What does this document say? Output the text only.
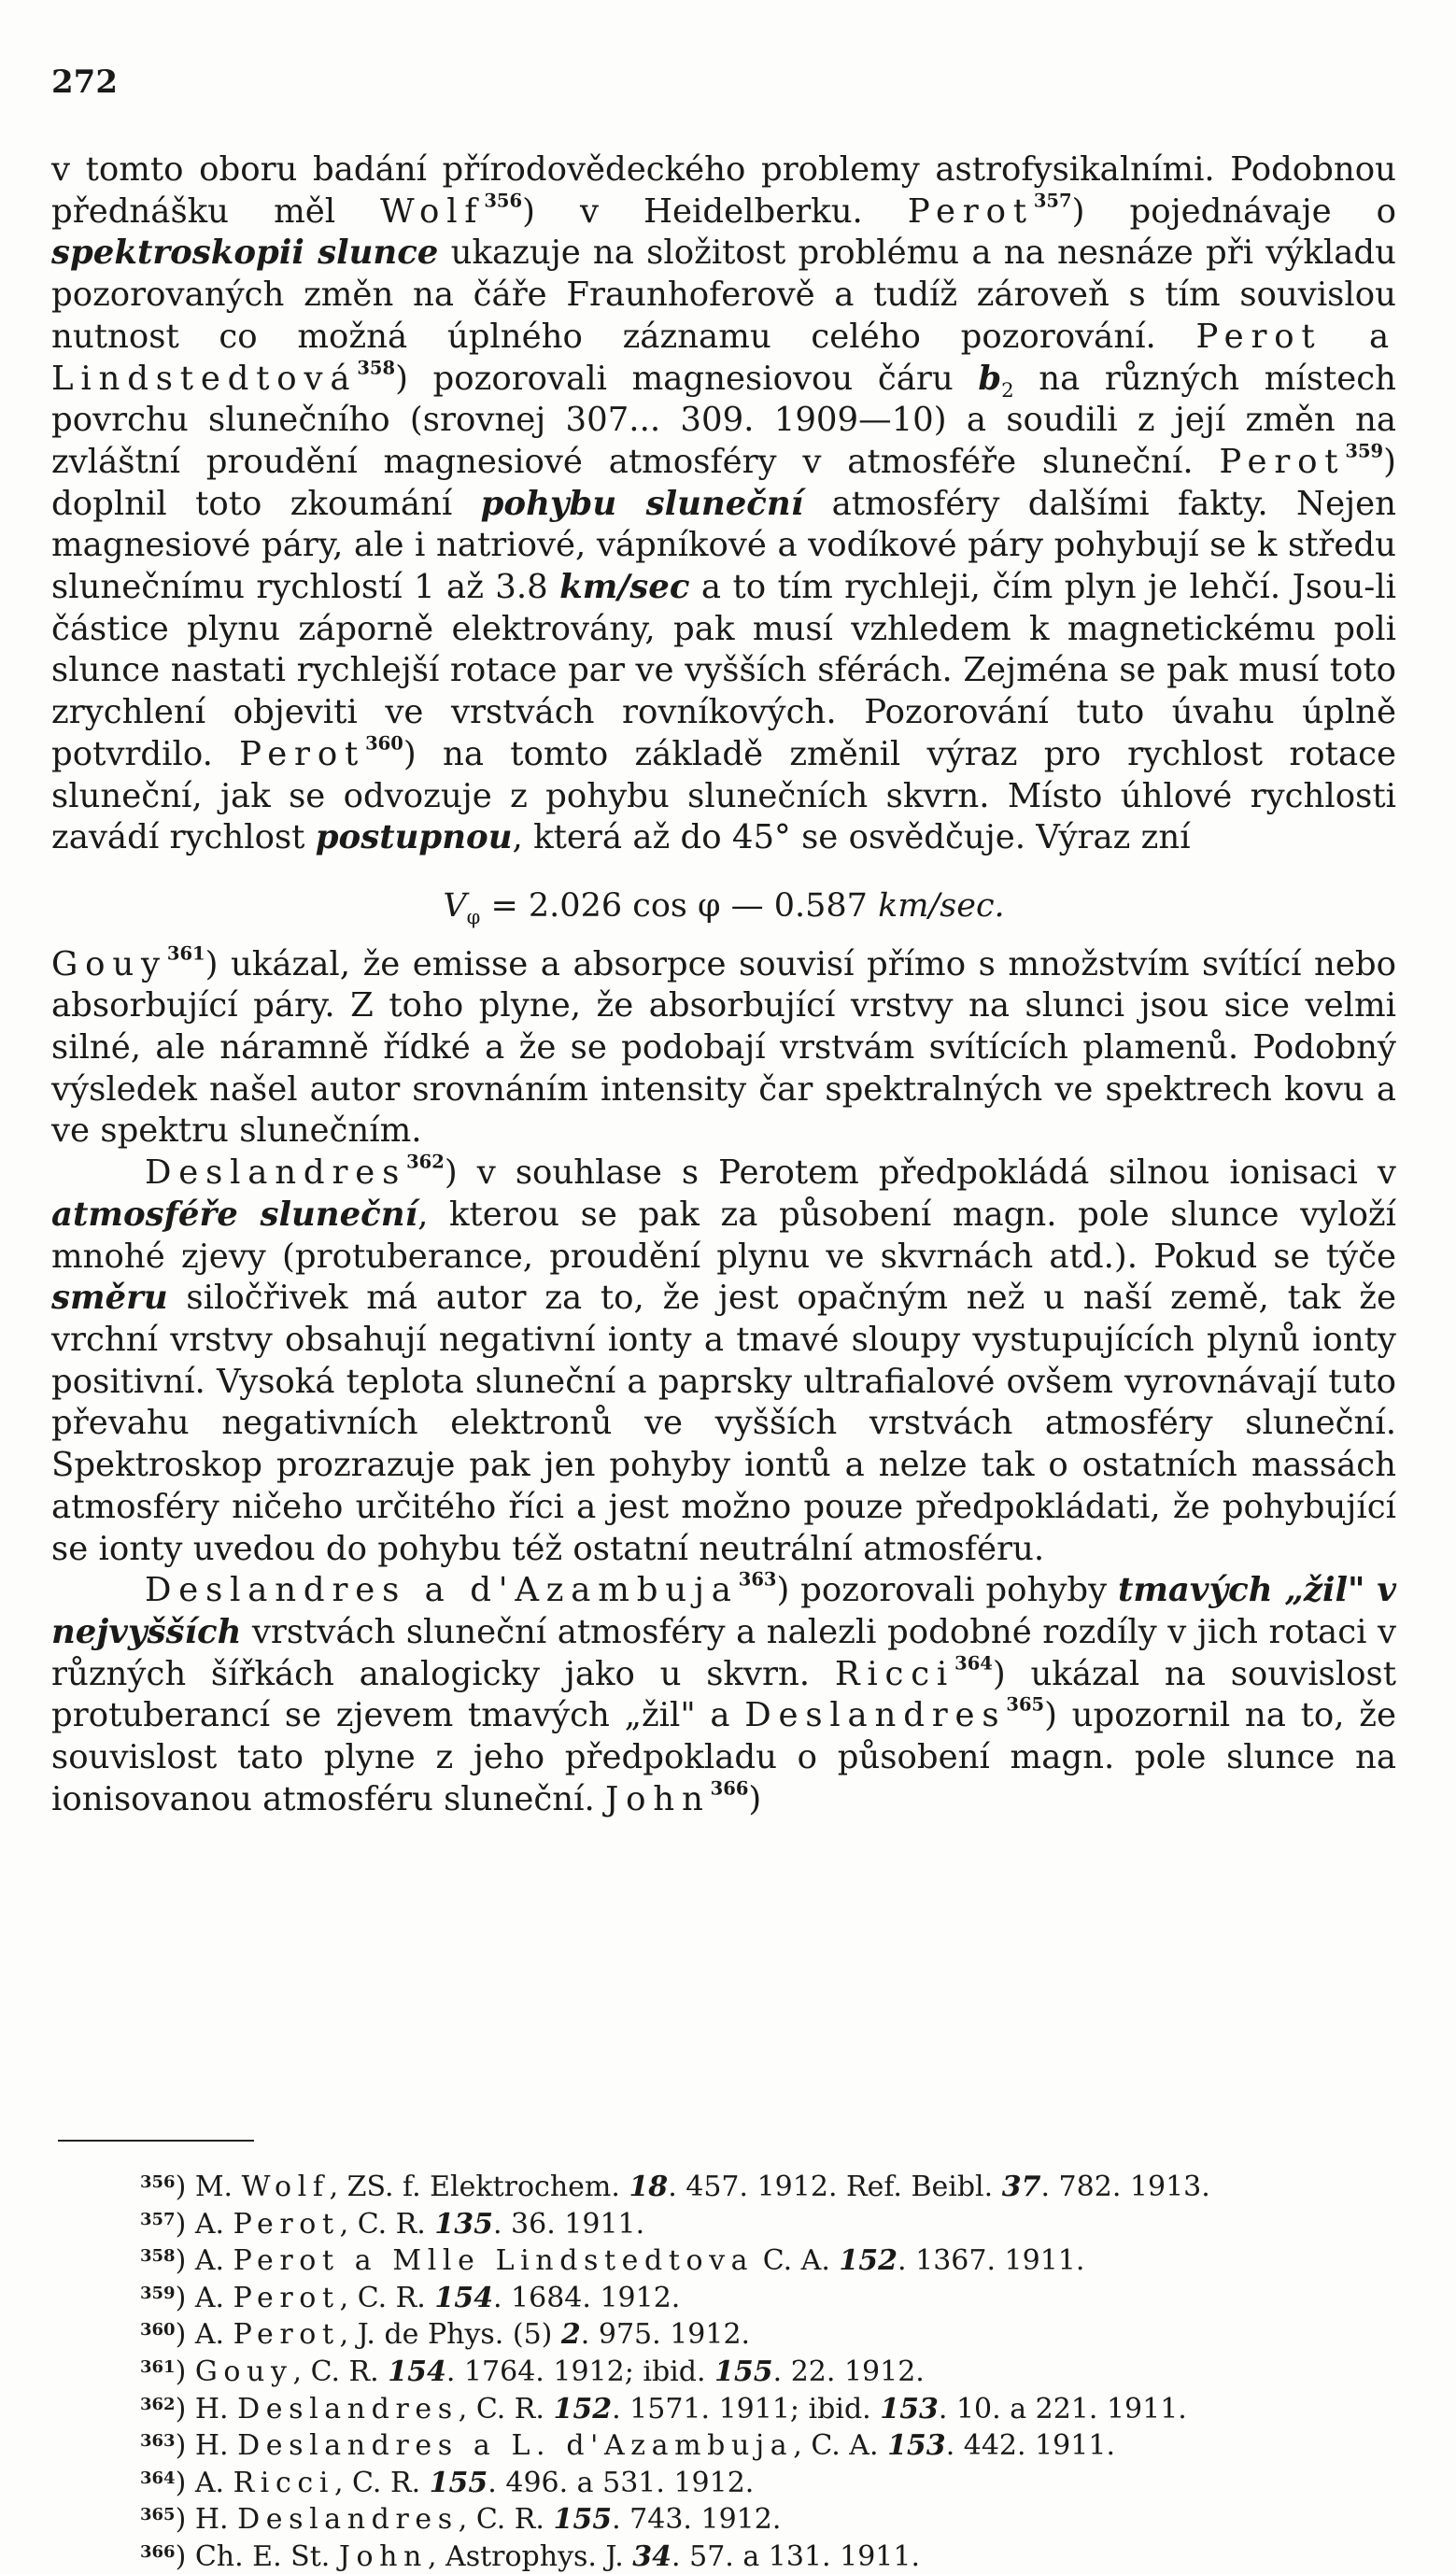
272

v tomto oboru badání přírodovědeckého problemy astrofysikalními. Podobnou přednášku měl Wolf$^{356}$) v Heidelberku. Perot$^{357}$) pojednávaje o spektroskopii slunce ukazuje na složitost problému a na nesnáze při výkladu pozorovaných změn na čáře Fraunhoferově a tudíž zároveň s tím souvislou nutnost co možná úplného záznamu celého pozorování. Perot a Lindstedtová$^{358}$) pozorovali magnesiovou čáru $b_2$ na různých místech povrchu slunečního (srovnej 307... 309. 1909—10) a soudili z její změn na zvláštní proudění magnesiové atmosféry v atmosféře sluneční. Perot$^{359}$) doplnil toto zkoumání pohybu sluneční atmosféry dalšími fakty. Nejen magnesiové páry, ale i natriové, vápníkové a vodíkové páry pohybují se k středu slunečnímu rychlostí 1 až 3.8 km/sec a to tím rychleji, čím plyn je lehčí. Jsou-li částice plynu záporně elektrovány, pak musí vzhledem k magnetickému poli slunce nastati rychlejší rotace par ve vyšších sférách. Zejména se pak musí toto zrychlení objeviti ve vrstvách rovníkových. Pozorování tuto úvahu úplně potvrdilo. Perot$^{360}$) na tomto základě změnil výraz pro rychlost rotace sluneční, jak se odvozuje z pohybu slunečních skvrn. Místo úhlové rychlosti zavádí rychlost postupnou, která až do 45° se osvědčuje. Výraz zní

$V_\varphi = 2.026$ cos φ — 0.587 km/sec.

Gouy$^{361}$) ukázal, že emisse a absorpce souvisí přímo s množstvím svítící nebo absorbující páry. Z toho plyne, že absorbující vrstvy na slunci jsou sice velmi silné, ale náramně řídké a že se podobají vrstvám svítících plamenů. Podobný výsledek našel autor srovnáním intensity čar spektralných ve spektrech kovu a ve spektru slunečním.

Deslandres$^{362}$) v souhlase s Perotem předpokládá silnou ionisaci v atmosféře sluneční, kterou se pak za působení magn. pole slunce vyloží mnohé zjevy (protuberance, proudění plynu ve skvrnách atd.). Pokud se týče směru siločřivek má autor za to, že jest opačným než u naší země, tak že vrchní vrstvy obsahují negativní ionty a tmavé sloupy vystupujících plynů ionty positivní. Vysoká teplota sluneční a paprsky ultrafialové ovšem vyrovnávají tuto převahu negativních elektronů ve vyšších vrstvách atmosféry sluneční. Spektroskop prozrazuje pak jen pohyby iontů a nelze tak o ostatních massách atmosféry ničeho určitého říci a jest možno pouze předpokládati, že pohybující se ionty uvedou do pohybu též ostatní neutrální atmosféru.

Deslandres a d'Azambuja$^{363}$) pozorovali pohyby tmavých „žil" v nejvyšších vrstvách sluneční atmosféry a nalezli podobné rozdíly v jich rotaci v různých šířkách analogicky jako u skvrn. Ricci$^{364}$) ukázal na souvislost protuberancí se zjevem tmavých „žil" a Deslandres$^{365}$) upozornil na to, že souvislost tato plyne z jeho předpokladu o působení magn. pole slunce na ionisovanou atmosféru sluneční. John$^{366}$)

$^{356}$) M. Wolf, ZS. f. Elektrochem. 18. 457. 1912. Ref. Beibl. 37. 782. 1913.
$^{357}$) A. Perot, C. R. 135. 36. 1911.
$^{358}$) A. Perot a Mlle Lindstedtova C. A. 152. 1367. 1911.
$^{359}$) A. Perot, C. R. 154. 1684. 1912.
$^{360}$) A. Perot, J. de Phys. (5) 2. 975. 1912.
$^{361}$) Gouy, C. R. 154. 1764. 1912; ibid. 155. 22. 1912.
$^{362}$) H. Deslandres, C. R. 152. 1571. 1911; ibid. 153. 10. a 221. 1911.
$^{363}$) H. Deslandres a L. d'Azambuja, C. A. 153. 442. 1911.
$^{364}$) A. Ricci, C. R. 155. 496. a 531. 1912.
$^{365}$) H. Deslandres, C. R. 155. 743. 1912.
$^{366}$) Ch. E. St. John, Astrophys. J. 34. 57. a 131. 1911.
